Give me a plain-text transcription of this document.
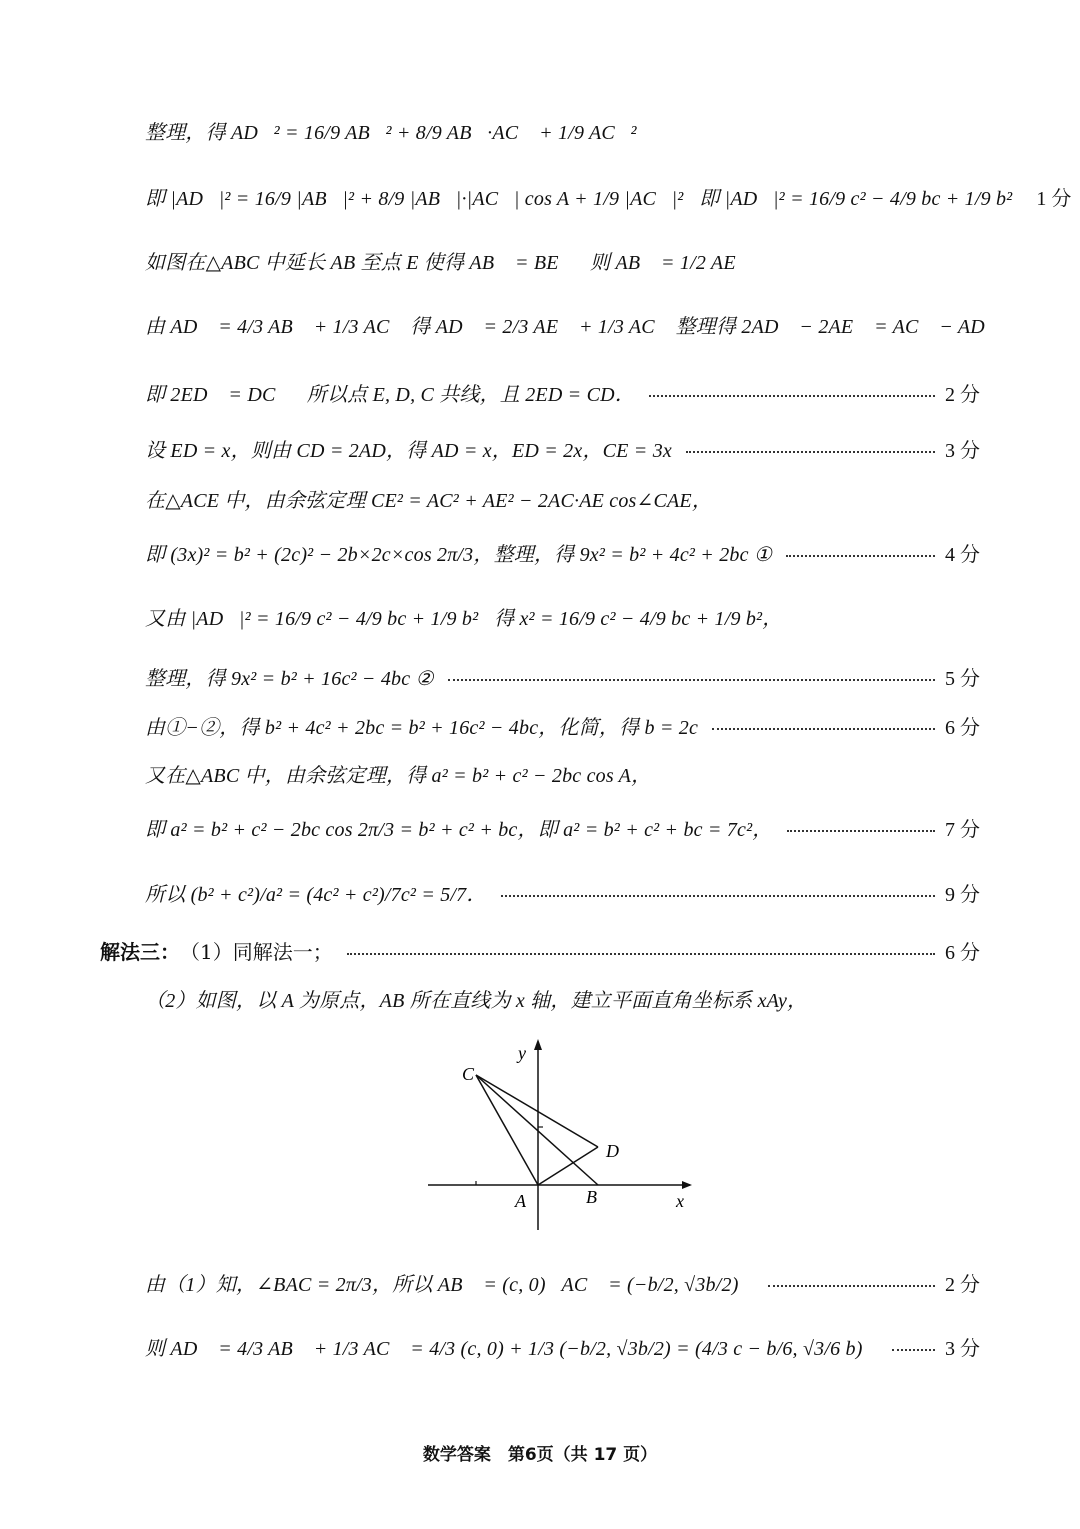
整理，得 AD⃗² = 16/9 AB⃗² + 8/9 AB⃗·AC⃗ + 1/9 AC⃗²，
即 |AD⃗|² = 16/9 |AB⃗|² + 8/9 |AB⃗|·|AC⃗| cos A + 1/9 |AC⃗|²，即 |AD⃗|² = 16/9 c² − 4/9 bc + 1/9 b² 1 分
如图在△ABC 中延长 AB 至点 E 使得 AB⃗ = BE⃗，则 AB⃗ = 1/2 AE⃗，
由 AD⃗ = 4/3 AB⃗ + 1/3 AC⃗ 得 AD⃗ = 2/3 AE⃗ + 1/3 AC⃗ 整理得 2AD⃗ − 2AE⃗ = AC⃗ − AD⃗
即 2ED⃗ = DC⃗，所以点 E, D, C 共线，且 2ED = CD．	2 分
设 ED = x，则由 CD = 2AD，得 AD = x，ED = 2x，CE = 3x	3 分
在△ACE 中，由余弦定理 CE² = AC² + AE² − 2AC·AE cos∠CAE，
即 (3x)² = b² + (2c)² − 2b×2c×cos 2π/3，整理，得 9x² = b² + 4c² + 2bc ①	4 分
又由 |AD⃗|² = 16/9 c² − 4/9 bc + 1/9 b²，得 x² = 16/9 c² − 4/9 bc + 1/9 b²，
整理，得 9x² = b² + 16c² − 4bc ②	5 分
由①−②，得 b² + 4c² + 2bc = b² + 16c² − 4bc，化简，得 b = 2c	6 分
又在△ABC 中，由余弦定理，得 a² = b² + c² − 2bc cos A，
即 a² = b² + c² − 2bc cos 2π/3 = b² + c² + bc，即 a² = b² + c² + bc = 7c²，	7 分
所以 (b² + c²)/a² = (4c² + c²)/7c² = 5/7．	9 分
解法三： （1）同解法一；	6 分
（2）如图，以 A 为原点，AB 所在直线为 x 轴，建立平面直角坐标系 xAy，
y
x
C
D
A	B
由（1）知，∠BAC = 2π/3，所以 AB⃗ = (c, 0)，AC⃗ = (−b/2, √3b/2)，	2 分
则 AD⃗ = 4/3 AB⃗ + 1/3 AC⃗ = 4/3 (c, 0) + 1/3 (−b/2, √3b/2) = (4/3 c − b/6, √3/6 b)，	3 分
数学答案　第6页（共 17 页）
